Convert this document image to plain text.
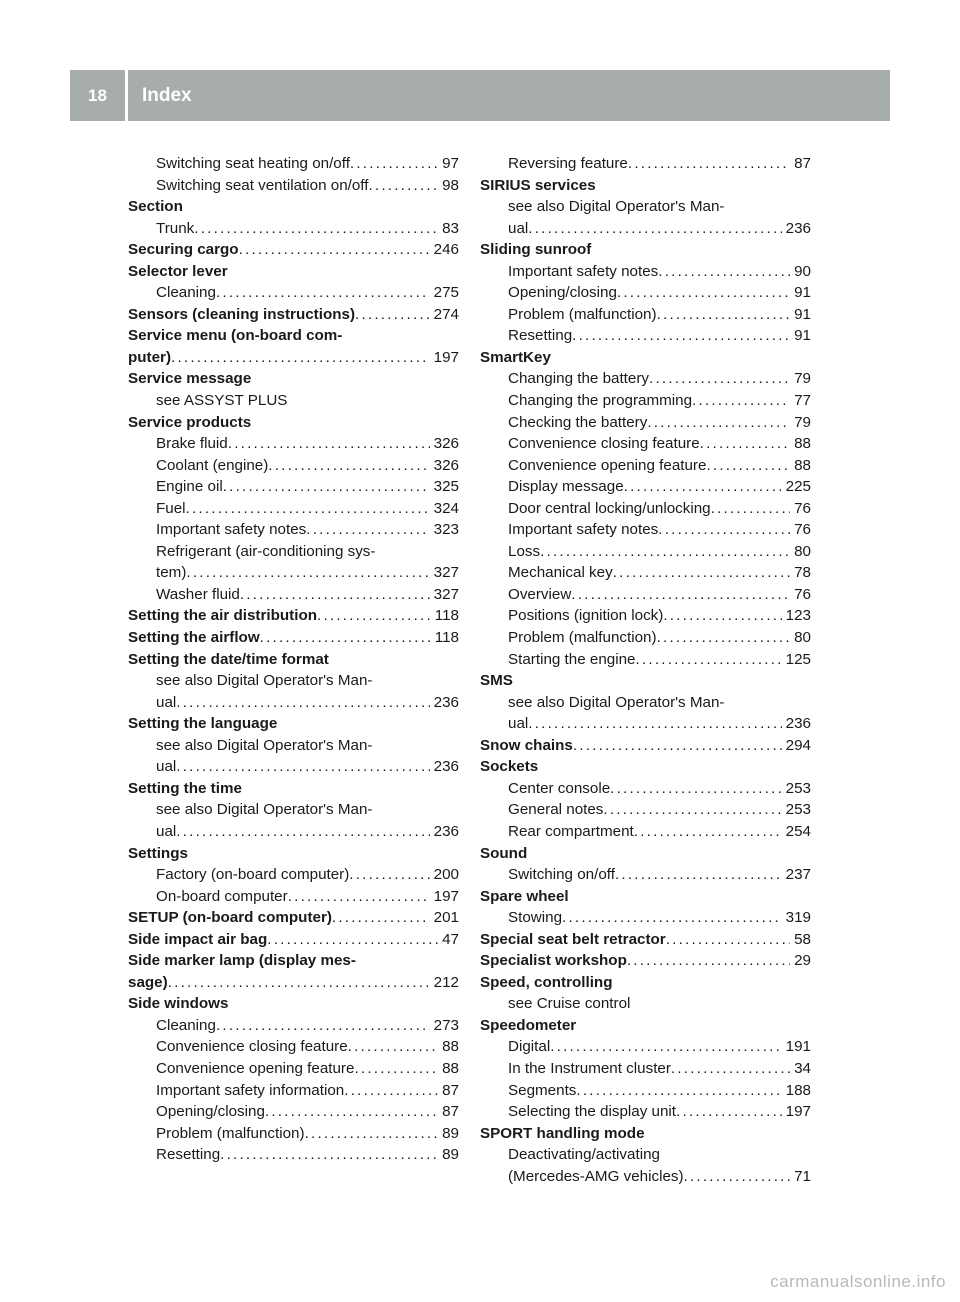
18	Index
Switching seat heating on/off . . .	97
Switching seat ventilation on/off . . .	98
Section
Trunk . . .	83
Securing cargo . . .	246
Selector lever
Cleaning . . .	275
Sensors (cleaning instructions) . . .	274
Service menu (on-board com-
puter) . . .	197
Service message
see ASSYST PLUS
Service products
Brake fluid . . .	326
Coolant (engine) . . .	326
Engine oil . . .	325
Fuel . . .	324
Important safety notes . . .	323
Refrigerant (air-conditioning sys-
tem) . . .	327
Washer fluid . . .	327
Setting the air distribution . . .	118
Setting the airflow . . .	118
Setting the date/time format
see also Digital Operator's Man-
ual . . .	236
Setting the language
see also Digital Operator's Man-
ual . . .	236
Setting the time
see also Digital Operator's Man-
ual . . .	236
Settings
Factory (on-board computer) . . .	200
On-board computer . . .	197
SETUP (on-board computer) . . .	201
Side impact air bag . . .	47
Side marker lamp (display mes-
sage) . . .	212
Side windows
Cleaning . . .	273
Convenience closing feature . . .	88
Convenience opening feature . . .	88
Important safety information . . .	87
Opening/closing . . .	87
Problem (malfunction) . . .	89
Resetting . . .	89
Reversing feature . . .	87
SIRIUS services
see also Digital Operator's Man-
ual . . .	236
Sliding sunroof
Important safety notes . . .	90
Opening/closing . . .	91
Problem (malfunction) . . .	91
Resetting . . .	91
SmartKey
Changing the battery . . .	79
Changing the programming . . .	77
Checking the battery . . .	79
Convenience closing feature . . .	88
Convenience opening feature . . .	88
Display message . . .	225
Door central locking/unlocking . . .	76
Important safety notes . . .	76
Loss . . .	80
Mechanical key . . .	78
Overview . . .	76
Positions (ignition lock) . . .	123
Problem (malfunction) . . .	80
Starting the engine . . .	125
SMS
see also Digital Operator's Man-
ual . . .	236
Snow chains . . .	294
Sockets
Center console . . .	253
General notes . . .	253
Rear compartment . . .	254
Sound
Switching on/off . . .	237
Spare wheel
Stowing . . .	319
Special seat belt retractor . . .	58
Specialist workshop . . .	29
Speed, controlling
see Cruise control
Speedometer
Digital . . .	191
In the Instrument cluster . . .	34
Segments . . .	188
Selecting the display unit . . .	197
SPORT handling mode
Deactivating/activating
(Mercedes-AMG vehicles) . . .	71
carmanualsonline.info
